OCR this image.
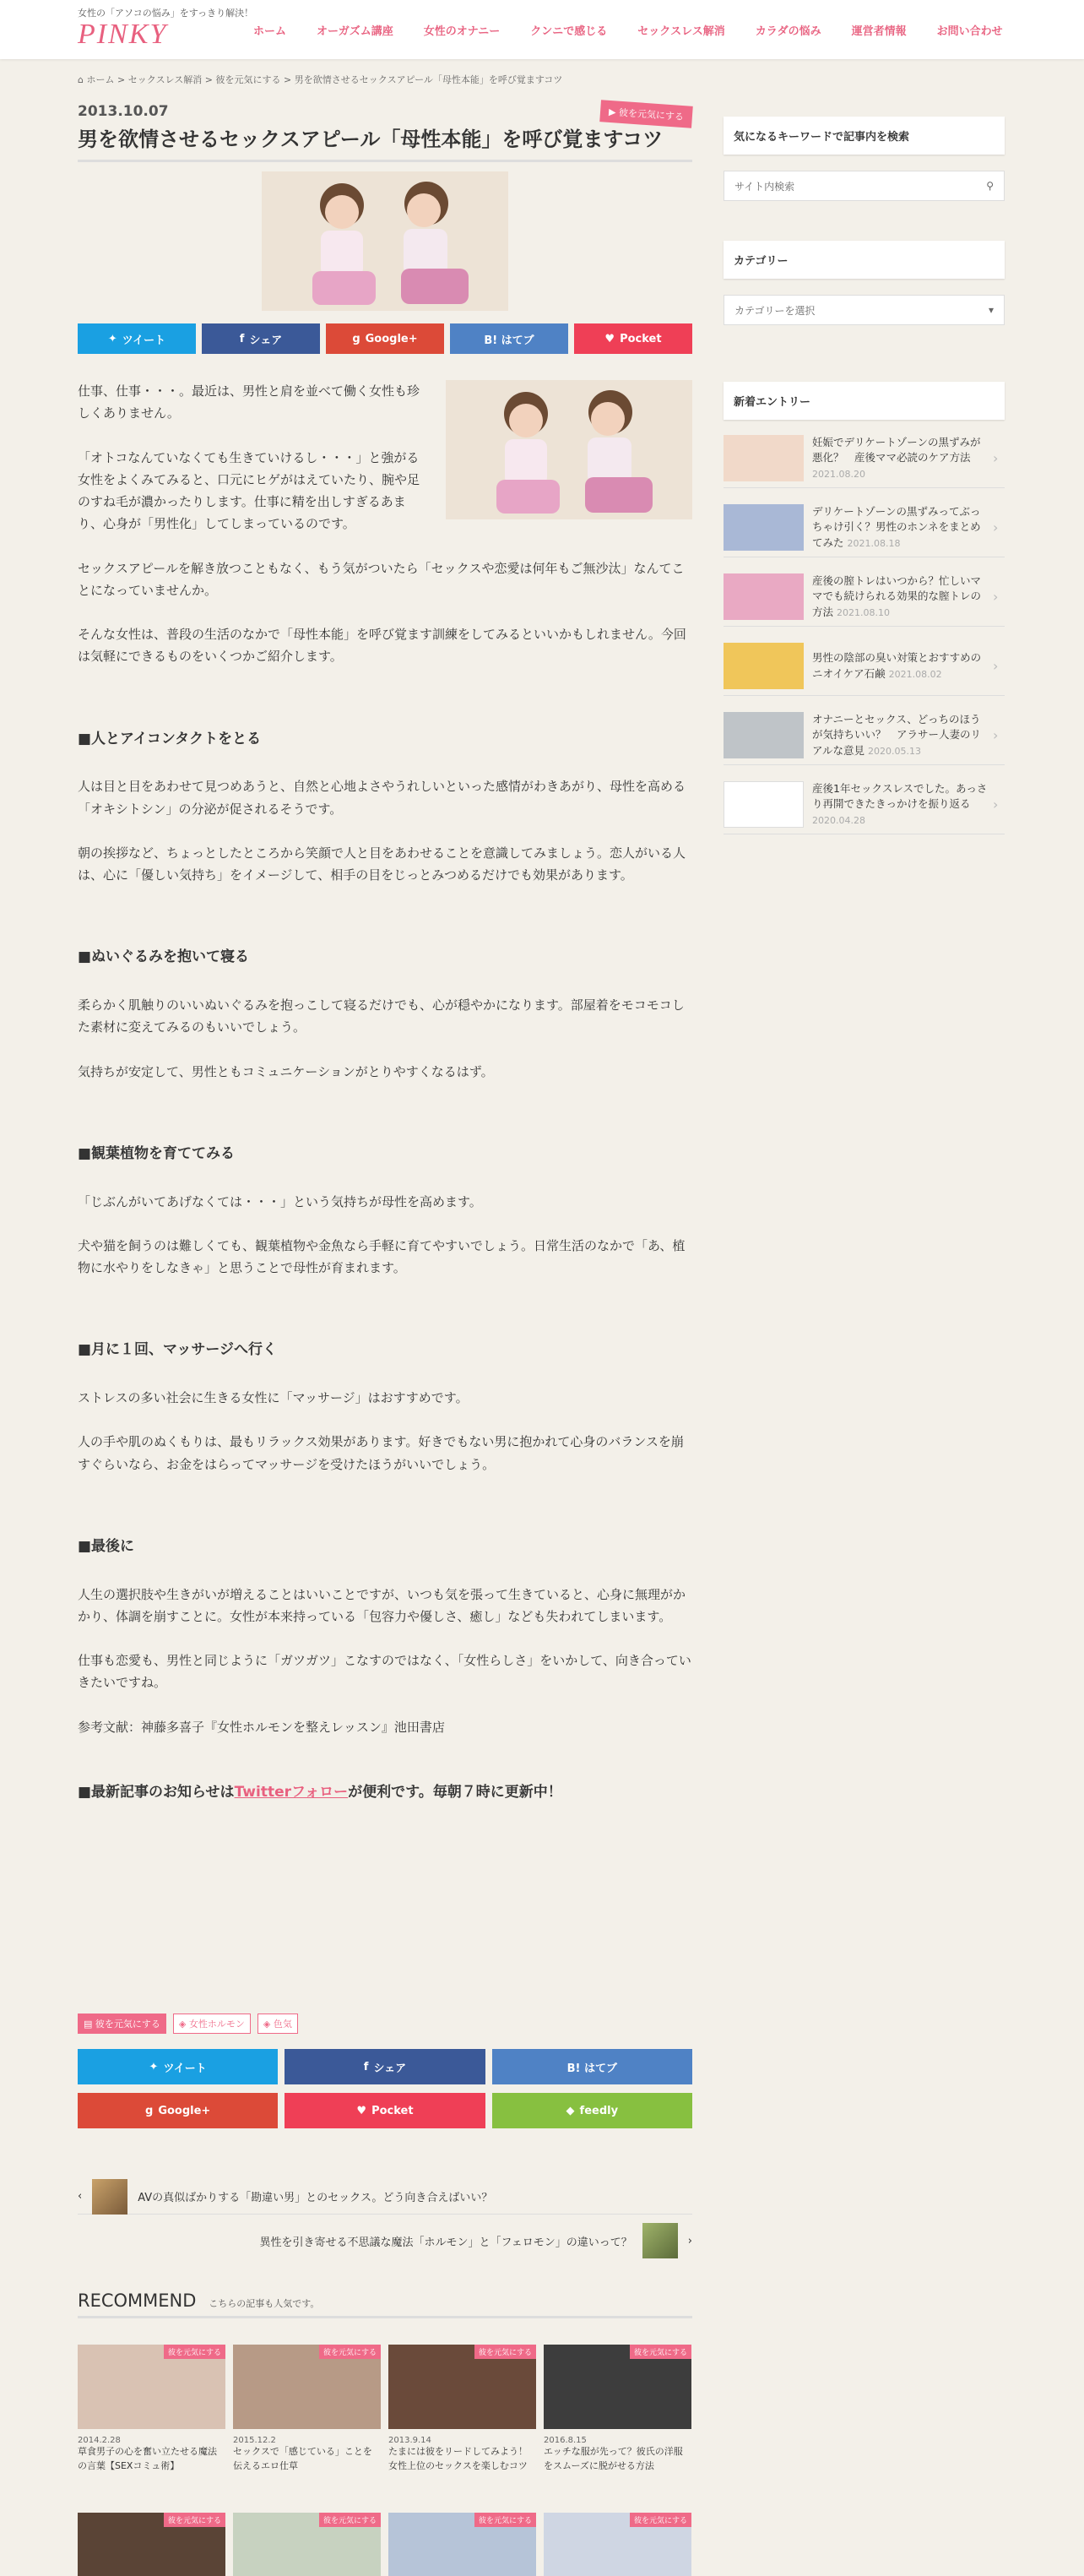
女性の「アソコの悩み」をすっきり解決！
PINKY	ホーム	オーガズム講座	女性のオナニー	クンニで感じる	セックスレス解消	カラダの悩み	運営者情報	お問い合わせ
⌂ ホーム > セックスレス解消 > 彼を元気にする > 男を欲情させるセックスアピール「母性本能」を呼び覚ますコツ
2013.10.07	▶ 彼を元気にする
男を欲情させるセックスアピール「母性本能」を呼び覚ますコツ
✦ ツイート	f シェア	g Google+	B! はてブ	♥ Pocket

仕事、仕事・・・。最近は、男性と肩を並べて働く女性も珍しくありません。

「オトコなんていなくても生きていけるし・・・」と強がる女性をよくみてみると、口元にヒゲがはえていたり、腕や足のすね毛が濃かったりします。仕事に精を出しすぎるあまり、心身が「男性化」してしまっているのです。

セックスアピールを解き放つこともなく、もう気がついたら「セックスや恋愛は何年もご無沙汰」なんてことになっていませんか。

そんな女性は、普段の生活のなかで「母性本能」を呼び覚ます訓練をしてみるといいかもしれません。今回は気軽にできるものをいくつかご紹介します。

■人とアイコンタクトをとる

人は目と目をあわせて見つめあうと、自然と心地よさやうれしいといった感情がわきあがり、母性を高める「オキシトシン」の分泌が促されるそうです。

朝の挨拶など、ちょっとしたところから笑顔で人と目をあわせることを意識してみましょう。恋人がいる人は、心に「優しい気持ち」をイメージして、相手の目をじっとみつめるだけでも効果があります。

■ぬいぐるみを抱いて寝る

柔らかく肌触りのいいぬいぐるみを抱っこして寝るだけでも、心が穏やかになります。部屋着をモコモコした素材に変えてみるのもいいでしょう。

気持ちが安定して、男性ともコミュニケーションがとりやすくなるはず。

■観葉植物を育ててみる

「じぶんがいてあげなくては・・・」という気持ちが母性を高めます。

犬や猫を飼うのは難しくても、観葉植物や金魚なら手軽に育てやすいでしょう。日常生活のなかで「あ、植物に水やりをしなきゃ」と思うことで母性が育まれます。

■月に１回、マッサージへ行く

ストレスの多い社会に生きる女性に「マッサージ」はおすすめです。

人の手や肌のぬくもりは、最もリラックス効果があります。好きでもない男に抱かれて心身のバランスを崩すぐらいなら、お金をはらってマッサージを受けたほうがいいでしょう。

■最後に

人生の選択肢や生きがいが増えることはいいことですが、いつも気を張って生きていると、心身に無理がかかり、体調を崩すことに。女性が本来持っている「包容力や優しさ、癒し」なども失われてしまいます。

仕事も恋愛も、男性と同じように「ガツガツ」こなすのではなく、「女性らしさ」をいかして、向き合っていきたいですね。

参考文献：神藤多喜子『女性ホルモンを整えレッスン』池田書店

■最新記事のお知らせはTwitterフォローが便利です。毎朝７時に更新中！
▤ 彼を元気にする	◈ 女性ホルモン	◈ 色気
✦ ツイート	f シェア	B! はてブ
g Google+	♥ Pocket	◆ feedly
‹	AVの真似ばかりする「勘違い男」とのセックス。どう向き合えばいい？
異性を引き寄せる不思議な魔法「ホルモン」と「フェロモン」の違いって？	›
RECOMMEND こちらの記事も人気です。
彼を元気にする
2014.2.28
草食男子の心を奮い立たせる魔法の言葉【SEXコミュ術】
彼を元気にする
2015.12.2
セックスで「感じている」ことを伝えるエロ仕草
彼を元気にする
2013.9.14
たまには彼をリードしてみよう！女性上位のセックスを楽しむコツ
彼を元気にする
2016.8.15
エッチな服が先って？彼氏の洋服をスムーズに脱がせる方法
彼を元気にする	彼を元気にする	彼を元気にする	彼を元気にする
気になるキーワードで記事内を検索
サイト内検索	⚲
カテゴリー
カテゴリーを選択	▾
新着エントリー
妊娠でデリケートゾーンの黒ずみが悪化？　産後ママ必読のケア方法 2021.08.20
›
デリケートゾーンの黒ずみってぶっちゃけ引く？男性のホンネをまとめてみた 2021.08.18
›
産後の膣トレはいつから？忙しいママでも続けられる効果的な膣トレの方法 2021.08.10
›
男性の陰部の臭い対策とおすすめのニオイケア石鹸 2021.08.02	›
オナニーとセックス、どっちのほうが気持ちいい？　アラサー人妻のリアルな意見 2020.05.13
›
産後1年セックスレスでした。あっさり再開できたきっかけを振り返る 2020.04.28
›
